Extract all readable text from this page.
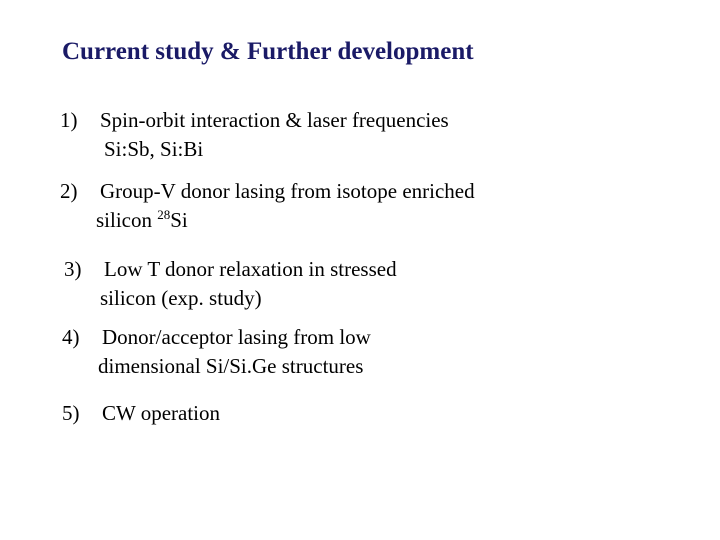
Current study & Further development
1) Spin-orbit interaction & laser frequencies
Si:Sb, Si:Bi
2) Group-V donor lasing from isotope enriched
silicon $^{28}$Si
3) Low T donor relaxation in stressed
silicon (exp. study)
4) Donor/acceptor lasing from low
dimensional Si/Si.Ge structures
5) CW operation
